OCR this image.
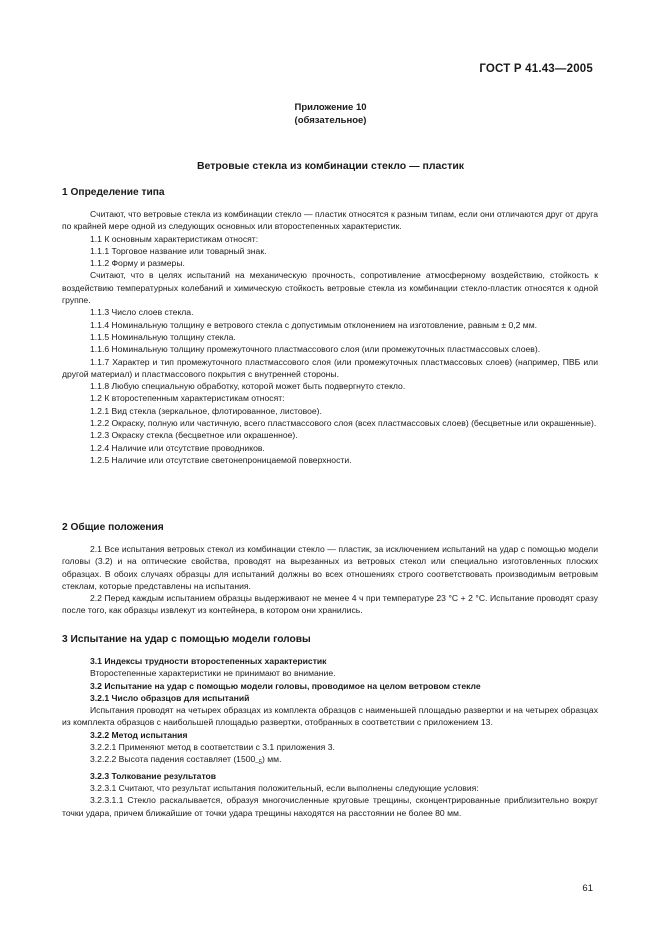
ГОСТ Р 41.43—2005
Приложение 10
(обязательное)
Ветровые стекла из комбинации стекло — пластик
1 Определение типа

Считают, что ветровые стекла из комбинации стекло — пластик относятся к разным типам, если они отличаются друг от друга по крайней мере одной из следующих основных или второстепенных характеристик.

1.1 К основным характеристикам относят:

1.1.1 Торговое название или товарный знак.

1.1.2 Форму и размеры.

Считают, что в целях испытаний на механическую прочность, сопротивление атмосферному воздействию, стойкость к воздействию температурных колебаний и химическую стойкость ветровые стекла из комбинации стекло-пластик относятся к одной группе.

1.1.3 Число слоев стекла.

1.1.4 Номинальную толщину е ветрового стекла с допустимым отклонением на изготовление, равным ± 0,2 мм.

1.1.5 Номинальную толщину стекла.

1.1.6 Номинальную толщину промежуточного пластмассового слоя (или промежуточных пластмассовых слоев).

1.1.7 Характер и тип промежуточного пластмассового слоя (или промежуточных пластмассовых слоев) (например, ПВБ или другой материал) и пластмассового покрытия с внутренней стороны.

1.1.8 Любую специальную обработку, которой может быть подвергнуто стекло.

1.2 К второстепенным характеристикам относят:

1.2.1 Вид стекла (зеркальное, флотированное, листовое).

1.2.2 Окраску, полную или частичную, всего пластмассового слоя (всех пластмассовых слоев) (бесцветные или окрашенные).

1.2.3 Окраску стекла (бесцветное или окрашенное).

1.2.4 Наличие или отсутствие проводников.

1.2.5 Наличие или отсутствие светонепроницаемой поверхности.

2 Общие положения

2.1 Все испытания ветровых стекол из комбинации стекло — пластик, за исключением испытаний на удар с помощью модели головы (3.2) и на оптические свойства, проводят на вырезанных из ветровых стекол или специально изготовленных плоских образцах. В обоих случаях образцы для испытаний должны во всех отношениях строго соответствовать производимым ветровым стеклам, которые представлены на испытания.

2.2 Перед каждым испытанием образцы выдерживают не менее 4 ч при температуре 23 °С + 2 °С. Испытание проводят сразу после того, как образцы извлекут из контейнера, в котором они хранились.

3 Испытание на удар с помощью модели головы

3.1 Индексы трудности второстепенных характеристик

Второстепенные характеристики не принимают во внимание.

3.2 Испытание на удар с помощью модели головы, проводимое на целом ветровом стекле

3.2.1 Число образцов для испытаний

Испытания проводят на четырех образцах из комплекта образцов с наименьшей площадью развертки и на четырех образцах из комплекта образцов с наибольшей площадью развертки, отобранных в соответствии с приложением 13.

3.2.2 Метод испытания

3.2.2.1 Применяют метод в соответствии с 3.1 приложения 3.

3.2.2.2 Высота падения составляет $(1500_{-5})$ мм.

3.2.3 Толкование результатов

3.2.3.1 Считают, что результат испытания положительный, если выполнены следующие условия:

3.2.3.1.1 Стекло раскалывается, образуя многочисленные круговые трещины, сконцентрированные приблизительно вокруг точки удара, причем ближайшие от точки удара трещины находятся на расстоянии не более 80 мм.

61
